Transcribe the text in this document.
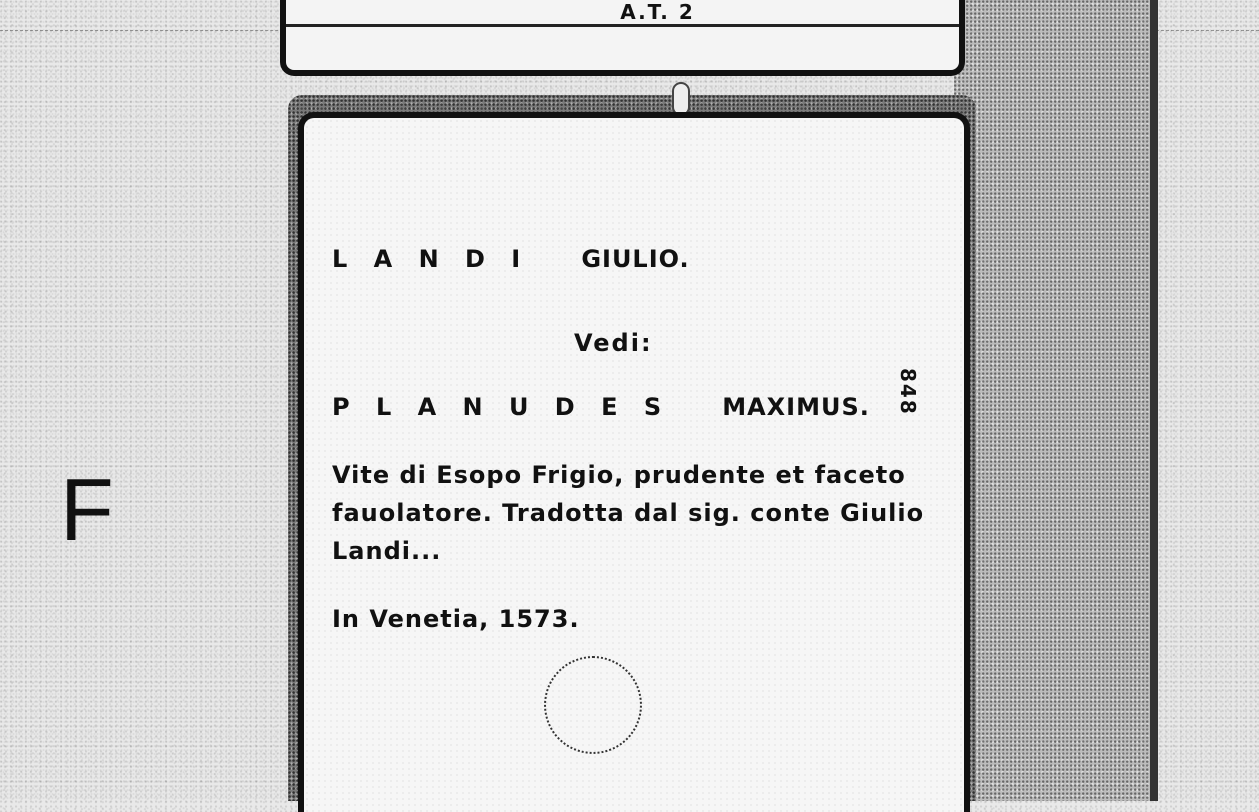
F
A.T. 2

L A N D I GIULIO.

Vedi:

P L A N U D E S MAXIMUS.

Vite di Esopo Frigio, prudente et faceto fauolatore. Tradotta dal sig. conte Giulio Landi...

In Venetia, 1573.

848
